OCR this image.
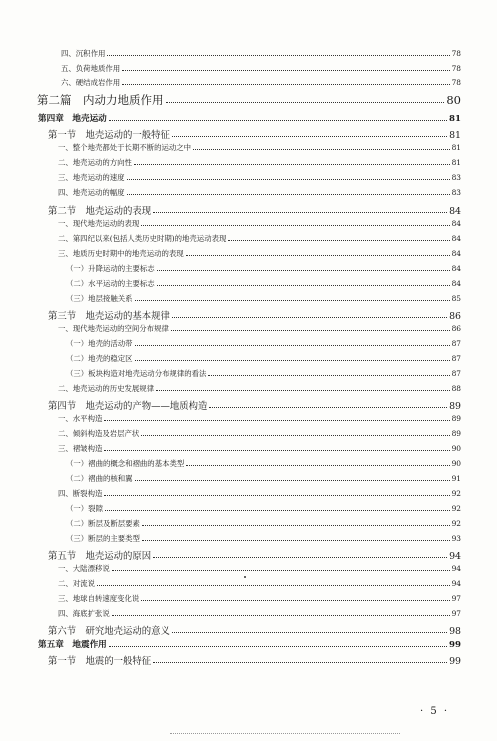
四、沉积作用	78
五、负荷地质作用	78
六、硬结成岩作用	78
第二篇　内动力地质作用	80
第四章　地壳运动	81
第一节　地壳运动的一般特征	81
一、整个地壳都处于长期不断的运动之中	81
二、地壳运动的方向性	81
三、地壳运动的速度	83
四、地壳运动的幅度	83
第二节　地壳运动的表现	84
一、现代地壳运动的表现	84
二、第四纪以来(包括人类历史时期)的地壳运动表现	84
三、地质历史时期中的地壳运动的表现	84
（一）升降运动的主要标志	84
（二）水平运动的主要标志	84
（三）地层接触关系	85
第三节　地壳运动的基本规律	86
一、现代地壳运动的空间分布规律	86
（一）地壳的活动带	87
（二）地壳的稳定区	87
（三）板块构造对地壳运动分布规律的看法	87
二、地壳运动的历史发展规律	88
第四节　地壳运动的产物——地质构造	89
一、水平构造	89
二、倾斜构造及岩层产状	89
三、褶皱构造	90
（一）褶曲的概念和褶曲的基本类型	90
（二）褶曲的核和翼	91
四、断裂构造	92
（一）裂隙	92
（二）断层及断层要素	92
（三）断层的主要类型	93
第五节　地壳运动的原因	94
一、大陆漂移说	94
二、对流说	94
三、地球自转速度变化说	97
四、海底扩张说	97
第六节　研究地壳运动的意义	98
第五章　地震作用	99
第一节　地震的一般特征	99
· 5 ·
